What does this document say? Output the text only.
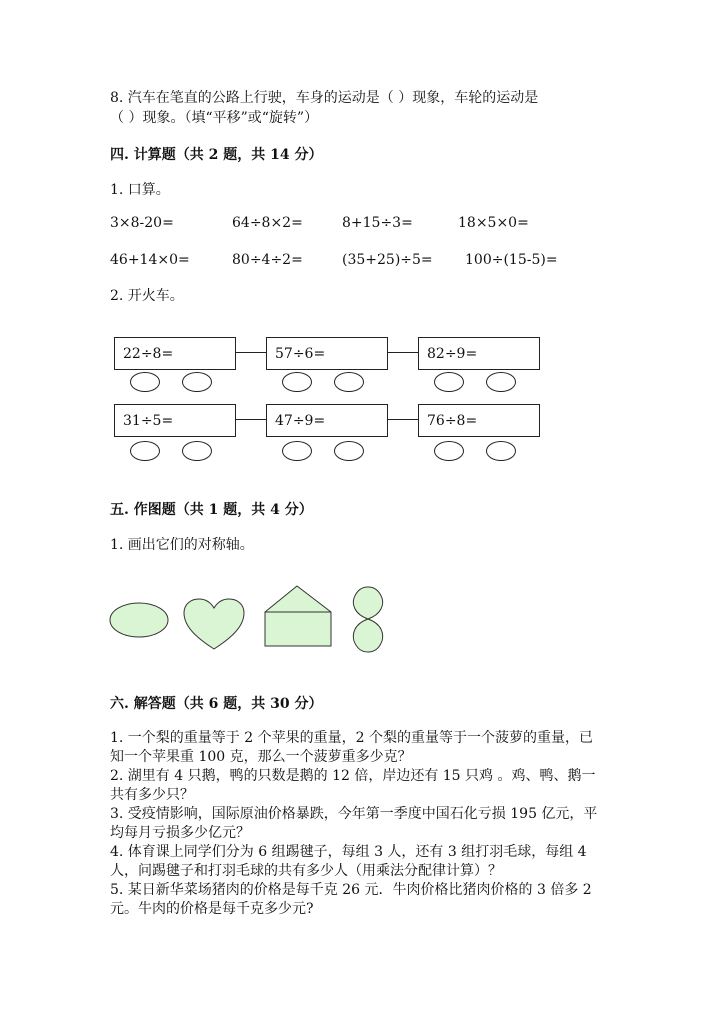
8. 汽车在笔直的公路上行驶，车身的运动是（ ）现象，车轮的运动是
（ ）现象。（填“平移”或“旋转”）
四. 计算题（共 2 题，共 14 分）
1. 口算。
3×8-20=	64÷8×2=	8+15÷3=	18×5×0=
46+14×0=	80÷4÷2=	(35+25)÷5= 100÷(15-5)=
2. 开火车。
22÷8=	57÷6=	82÷9=
31÷5=	47÷9=	76÷8=
五. 作图题（共 1 题，共 4 分）
1. 画出它们的对称轴。
六. 解答题（共 6 题，共 30 分）
1. 一个梨的重量等于 2 个苹果的重量，2 个梨的重量等于一个菠萝的重量，已
知一个苹果重 100 克，那么一个菠萝重多少克？
2. 湖里有 4 只鹅，鸭的只数是鹅的 12 倍，岸边还有 15 只鸡 。鸡、鸭、鹅一
共有多少只？
3. 受疫情影响，国际原油价格暴跌，今年第一季度中国石化亏损 195 亿元，平
均每月亏损多少亿元？
4. 体育课上同学们分为 6 组踢毽子，每组 3 人，还有 3 组打羽毛球，每组 4
人，问踢毽子和打羽毛球的共有多少人（用乘法分配律计算）？
5. 某日新华菜场猪肉的价格是每千克 26 元．牛肉价格比猪肉价格的 3 倍多 2
元。牛肉的价格是每千克多少元?
